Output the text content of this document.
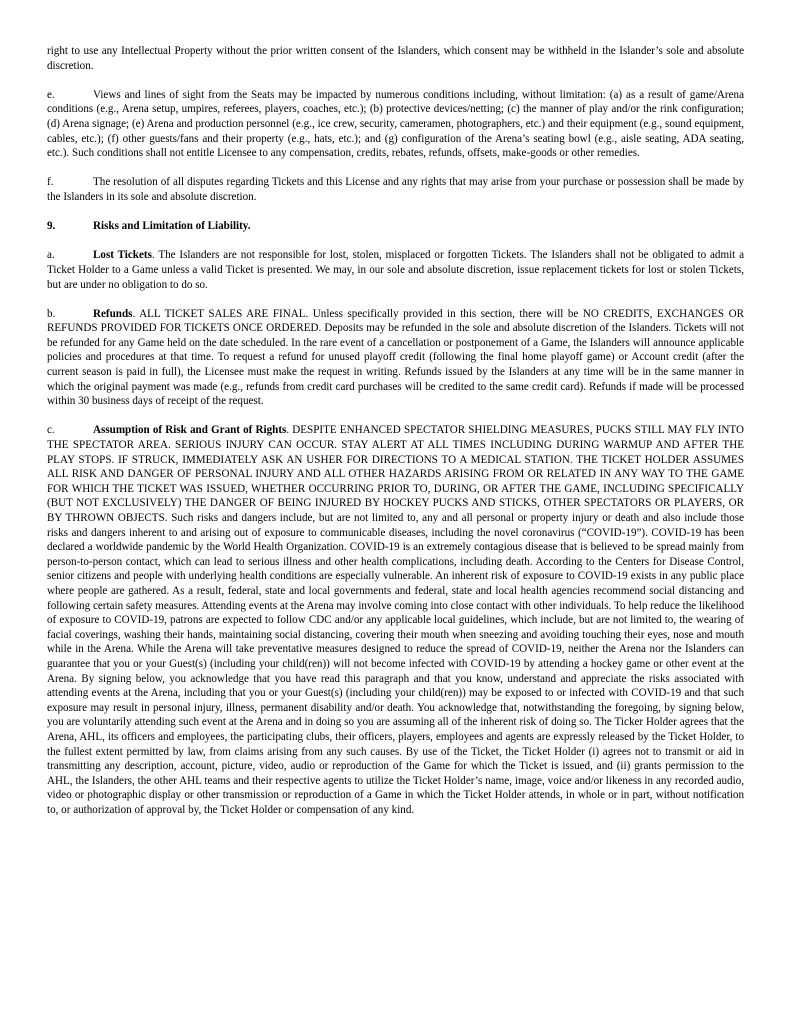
right to use any Intellectual Property without the prior written consent of the Islanders, which consent may be withheld in the Islander’s sole and absolute discretion.

e.	Views and lines of sight from the Seats may be impacted by numerous conditions including, without limitation: (a) as a result of game/Arena conditions (e.g., Arena setup, umpires, referees, players, coaches, etc.); (b) protective devices/netting; (c) the manner of play and/or the rink configuration; (d) Arena signage; (e) Arena and production personnel (e.g., ice crew, security, cameramen, photographers, etc.) and their equipment (e.g., sound equipment, cables, etc.); (f) other guests/fans and their property (e.g., hats, etc.); and (g) configuration of the Arena’s seating bowl (e.g., aisle seating, ADA seating, etc.). Such conditions shall not entitle Licensee to any compensation, credits, rebates, refunds, offsets, make-goods or other remedies.

f.	The resolution of all disputes regarding Tickets and this License and any rights that may arise from your purchase or possession shall be made by the Islanders in its sole and absolute discretion.

9.	Risks and Limitation of Liability.

a.	Lost Tickets. The Islanders are not responsible for lost, stolen, misplaced or forgotten Tickets. The Islanders shall not be obligated to admit a Ticket Holder to a Game unless a valid Ticket is presented. We may, in our sole and absolute discretion, issue replacement tickets for lost or stolen Tickets, but are under no obligation to do so.

b.	Refunds. ALL TICKET SALES ARE FINAL. Unless specifically provided in this section, there will be NO CREDITS, EXCHANGES OR REFUNDS PROVIDED FOR TICKETS ONCE ORDERED. Deposits may be refunded in the sole and absolute discretion of the Islanders. Tickets will not be refunded for any Game held on the date scheduled. In the rare event of a cancellation or postponement of a Game, the Islanders will announce applicable policies and procedures at that time. To request a refund for unused playoff credit (following the final home playoff game) or Account credit (after the current season is paid in full), the Licensee must make the request in writing. Refunds issued by the Islanders at any time will be in the same manner in which the original payment was made (e.g., refunds from credit card purchases will be credited to the same credit card). Refunds if made will be processed within 30 business days of receipt of the request.

c.	Assumption of Risk and Grant of Rights. DESPITE ENHANCED SPECTATOR SHIELDING MEASURES, PUCKS STILL MAY FLY INTO THE SPECTATOR AREA. SERIOUS INJURY CAN OCCUR. STAY ALERT AT ALL TIMES INCLUDING DURING WARMUP AND AFTER THE PLAY STOPS. IF STRUCK, IMMEDIATELY ASK AN USHER FOR DIRECTIONS TO A MEDICAL STATION. THE TICKET HOLDER ASSUMES ALL RISK AND DANGER OF PERSONAL INJURY AND ALL OTHER HAZARDS ARISING FROM OR RELATED IN ANY WAY TO THE GAME FOR WHICH THE TICKET WAS ISSUED, WHETHER OCCURRING PRIOR TO, DURING, OR AFTER THE GAME, INCLUDING SPECIFICALLY (BUT NOT EXCLUSIVELY) THE DANGER OF BEING INJURED BY HOCKEY PUCKS AND STICKS, OTHER SPECTATORS OR PLAYERS, OR BY THROWN OBJECTS. Such risks and dangers include, but are not limited to, any and all personal or property injury or death and also include those risks and dangers inherent to and arising out of exposure to communicable diseases, including the novel coronavirus (“COVID-19”). COVID-19 has been declared a worldwide pandemic by the World Health Organization. COVID-19 is an extremely contagious disease that is believed to be spread mainly from person-to-person contact, which can lead to serious illness and other health complications, including death. According to the Centers for Disease Control, senior citizens and people with underlying health conditions are especially vulnerable. An inherent risk of exposure to COVID-19 exists in any public place where people are gathered. As a result, federal, state and local governments and federal, state and local health agencies recommend social distancing and following certain safety measures. Attending events at the Arena may involve coming into close contact with other individuals. To help reduce the likelihood of exposure to COVID-19, patrons are expected to follow CDC and/or any applicable local guidelines, which include, but are not limited to, the wearing of facial coverings, washing their hands, maintaining social distancing, covering their mouth when sneezing and avoiding touching their eyes, nose and mouth while in the Arena. While the Arena will take preventative measures designed to reduce the spread of COVID-19, neither the Arena nor the Islanders can guarantee that you or your Guest(s) (including your child(ren)) will not become infected with COVID-19 by attending a hockey game or other event at the Arena. By signing below, you acknowledge that you have read this paragraph and that you know, understand and appreciate the risks associated with attending events at the Arena, including that you or your Guest(s) (including your child(ren)) may be exposed to or infected with COVID-19 and that such exposure may result in personal injury, illness, permanent disability and/or death. You acknowledge that, notwithstanding the foregoing, by signing below, you are voluntarily attending such event at the Arena and in doing so you are assuming all of the inherent risk of doing so. The Ticker Holder agrees that the Arena, AHL, its officers and employees, the participating clubs, their officers, players, employees and agents are expressly released by the Ticket Holder, to the fullest extent permitted by law, from claims arising from any such causes. By use of the Ticket, the Ticket Holder (i) agrees not to transmit or aid in transmitting any description, account, picture, video, audio or reproduction of the Game for which the Ticket is issued, and (ii) grants permission to the AHL, the Islanders, the other AHL teams and their respective agents to utilize the Ticket Holder’s name, image, voice and/or likeness in any recorded audio, video or photographic display or other transmission or reproduction of a Game in which the Ticket Holder attends, in whole or in part, without notification to, or authorization of approval by, the Ticket Holder or compensation of any kind.
